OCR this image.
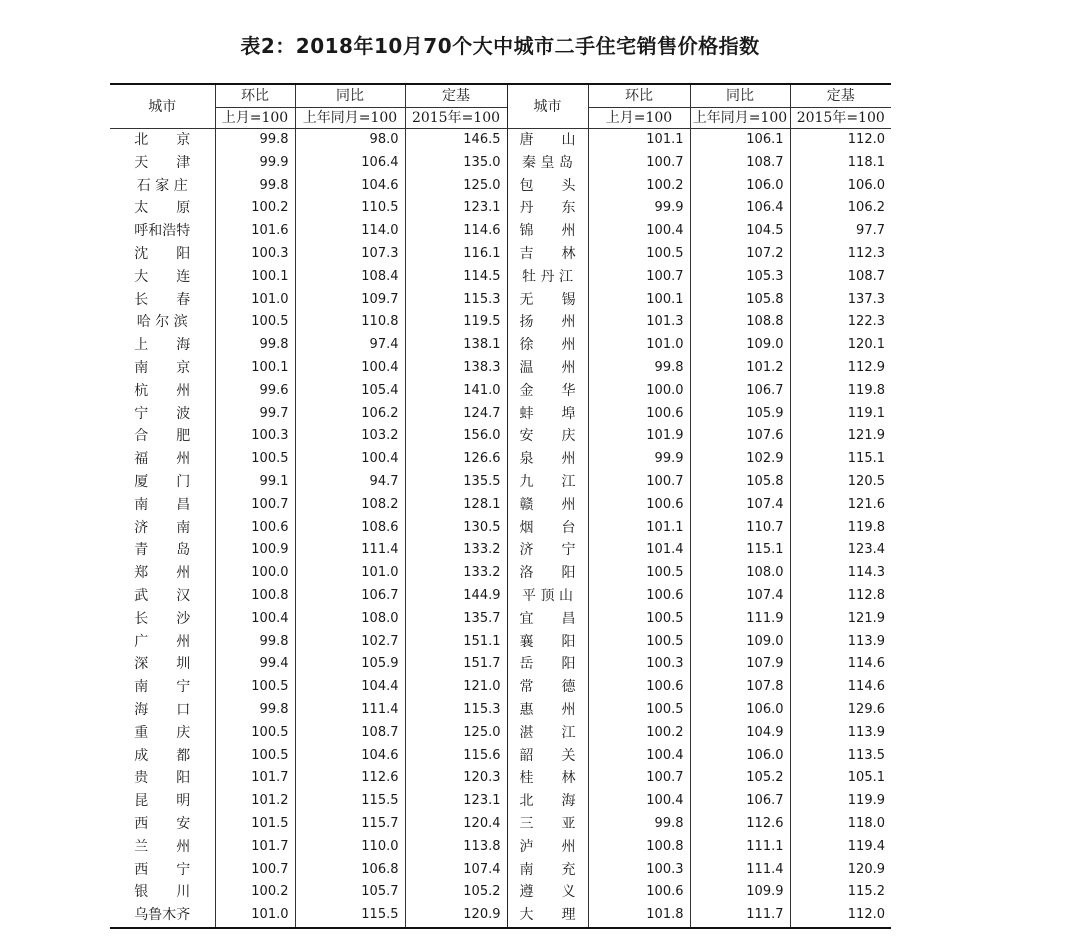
表2：2018年10月70个大中城市二手住宅销售价格指数
城市	环比	同比	定基	城市	环比	同比	定基
	上月=100	上年同月=100	2015年=100		上月=100	上年同月=100	2015年=100
北　　京	99.8	98.0	146.5	唐　　山	101.1	106.1	112.0
天　　津	99.9	106.4	135.0	秦 皇 岛	100.7	108.7	118.1
石 家 庄	99.8	104.6	125.0	包　　头	100.2	106.0	106.0
太　　原	100.2	110.5	123.1	丹　　东	99.9	106.4	106.2
呼和浩特	101.6	114.0	114.6	锦　　州	100.4	104.5	97.7
沈　　阳	100.3	107.3	116.1	吉　　林	100.5	107.2	112.3
大　　连	100.1	108.4	114.5	牡 丹 江	100.7	105.3	108.7
长　　春	101.0	109.7	115.3	无　　锡	100.1	105.8	137.3
哈 尔 滨	100.5	110.8	119.5	扬　　州	101.3	108.8	122.3
上　　海	99.8	97.4	138.1	徐　　州	101.0	109.0	120.1
南　　京	100.1	100.4	138.3	温　　州	99.8	101.2	112.9
杭　　州	99.6	105.4	141.0	金　　华	100.0	106.7	119.8
宁　　波	99.7	106.2	124.7	蚌　　埠	100.6	105.9	119.1
合　　肥	100.3	103.2	156.0	安　　庆	101.9	107.6	121.9
福　　州	100.5	100.4	126.6	泉　　州	99.9	102.9	115.1
厦　　门	99.1	94.7	135.5	九　　江	100.7	105.8	120.5
南　　昌	100.7	108.2	128.1	赣　　州	100.6	107.4	121.6
济　　南	100.6	108.6	130.5	烟　　台	101.1	110.7	119.8
青　　岛	100.9	111.4	133.2	济　　宁	101.4	115.1	123.4
郑　　州	100.0	101.0	133.2	洛　　阳	100.5	108.0	114.3
武　　汉	100.8	106.7	144.9	平 顶 山	100.6	107.4	112.8
长　　沙	100.4	108.0	135.7	宜　　昌	100.5	111.9	121.9
广　　州	99.8	102.7	151.1	襄　　阳	100.5	109.0	113.9
深　　圳	99.4	105.9	151.7	岳　　阳	100.3	107.9	114.6
南　　宁	100.5	104.4	121.0	常　　德	100.6	107.8	114.6
海　　口	99.8	111.4	115.3	惠　　州	100.5	106.0	129.6
重　　庆	100.5	108.7	125.0	湛　　江	100.2	104.9	113.9
成　　都	100.5	104.6	115.6	韶　　关	100.4	106.0	113.5
贵　　阳	101.7	112.6	120.3	桂　　林	100.7	105.2	105.1
昆　　明	101.2	115.5	123.1	北　　海	100.4	106.7	119.9
西　　安	101.5	115.7	120.4	三　　亚	99.8	112.6	118.0
兰　　州	101.7	110.0	113.8	泸　　州	100.8	111.1	119.4
西　　宁	100.7	106.8	107.4	南　　充	100.3	111.4	120.9
银　　川	100.2	105.7	105.2	遵　　义	100.6	109.9	115.2
乌鲁木齐	101.0	115.5	120.9	大　　理	101.8	111.7	112.0
